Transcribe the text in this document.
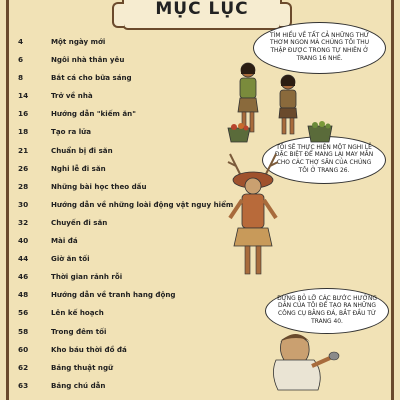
MỤC LỤC
4	Một ngày mới
6	Ngôi nhà thân yêu
8	Bắt cá cho bữa sáng
14	Trở về nhà
16	Hướng dẫn "kiếm ăn"
18	Tạo ra lửa
21	Chuẩn bị đi săn
26	Nghi lễ đi săn
28	Những bài học theo dấu
30	Hướng dẫn về những loài động vật nguy hiểm
32	Chuyến đi săn
40	Mài đá
44	Giờ ăn tối
46	Thời gian rảnh rỗi
48	Hướng dẫn về tranh hang động
56	Lên kế hoạch
58	Trong đêm tối
60	Kho báu thời đồ đá
62	Bảng thuật ngữ
63	Bảng chú dẫn
TÌM HIỂU VỀ TẤT CẢ NHỮNG THỨ THƠM NGON MÀ CHÚNG TÔI THU THẬP ĐƯỢC TRONG TỰ NHIÊN Ở TRANG 16 NHÉ.
TÔI SẼ THỰC HIỆN MỘT NGHI LỄ ĐẶC BIỆT ĐỂ MANG LẠI MAY MẮN CHO CÁC THỢ SĂN CỦA CHÚNG TÔI Ở TRANG 26.
ĐỪNG BỎ LỠ CÁC BƯỚC HƯỚNG DẪN CỦA TÔI ĐỂ TẠO RA NHỮNG CÔNG CỤ BẰNG ĐÁ, BẮT ĐẦU TỪ TRANG 40.
